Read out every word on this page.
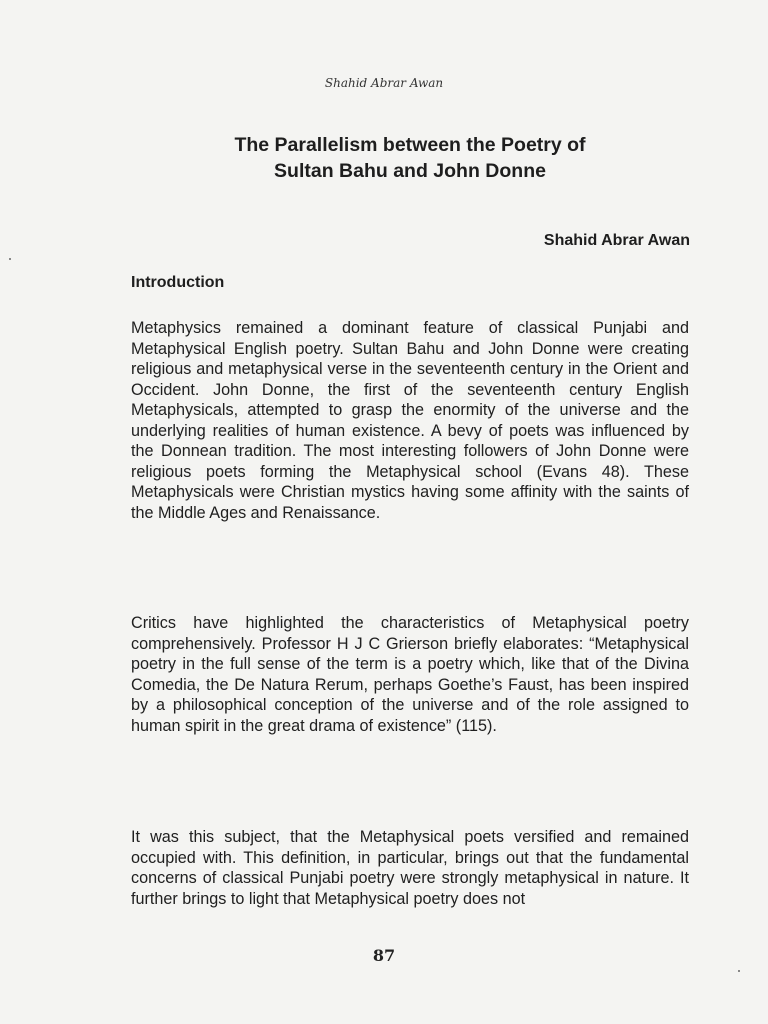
Shahid Abrar Awan
The Parallelism between the Poetry of
Sultan Bahu and John Donne
Shahid Abrar Awan
Introduction

Metaphysics remained a dominant feature of classical Punjabi and Metaphysical English poetry. Sultan Bahu and John Donne were creating religious and metaphysical verse in the seventeenth century in the Orient and Occident. John Donne, the first of the seventeenth century English Metaphysicals, attempted to grasp the enormity of the universe and the underlying realities of human existence. A bevy of poets was influenced by the Donnean tradition. The most interesting followers of John Donne were religious poets forming the Metaphysical school (Evans 48). These Metaphysicals were Christian mystics having some affinity with the saints of the Middle Ages and Renaissance.

Critics have highlighted the characteristics of Metaphysical poetry comprehensively. Professor H J C Grierson briefly elaborates: “Metaphysical poetry in the full sense of the term is a poetry which, like that of the Divina Comedia, the De Natura Rerum, perhaps Goethe’s Faust, has been inspired by a philosophical conception of the universe and of the role assigned to human spirit in the great drama of existence” (115).

It was this subject, that the Metaphysical poets versified and remained occupied with. This definition, in particular, brings out that the fundamental concerns of classical Punjabi poetry were strongly metaphysical in nature. It further brings to light that Metaphysical poetry does not

87
